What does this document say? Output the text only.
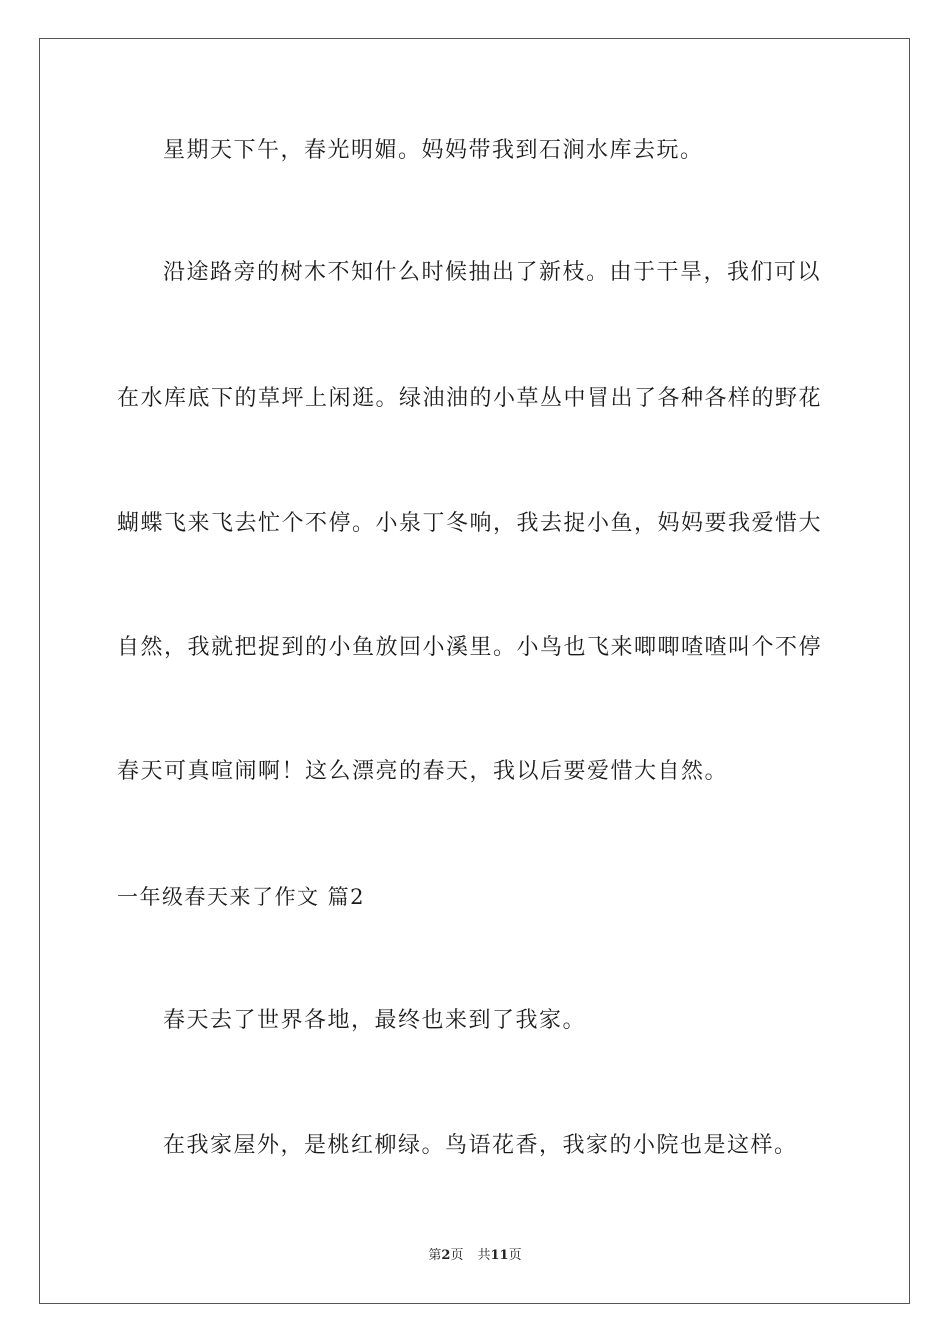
星期天下午，春光明媚。妈妈带我到石涧水库去玩。
沿途路旁的树木不知什么时候抽出了新枝。由于干旱，我们可以
在水库底下的草坪上闲逛。绿油油的小草丛中冒出了各种各样的野花
蝴蝶飞来飞去忙个不停。小泉丁冬响，我去捉小鱼，妈妈要我爱惜大
自然，我就把捉到的小鱼放回小溪里。小鸟也飞来唧唧喳喳叫个不停
春天可真喧闹啊！这么漂亮的春天，我以后要爱惜大自然。
一年级春天来了作文 篇2
春天去了世界各地，最终也来到了我家。
在我家屋外，是桃红柳绿。鸟语花香，我家的小院也是这样。
第2页 共11页
